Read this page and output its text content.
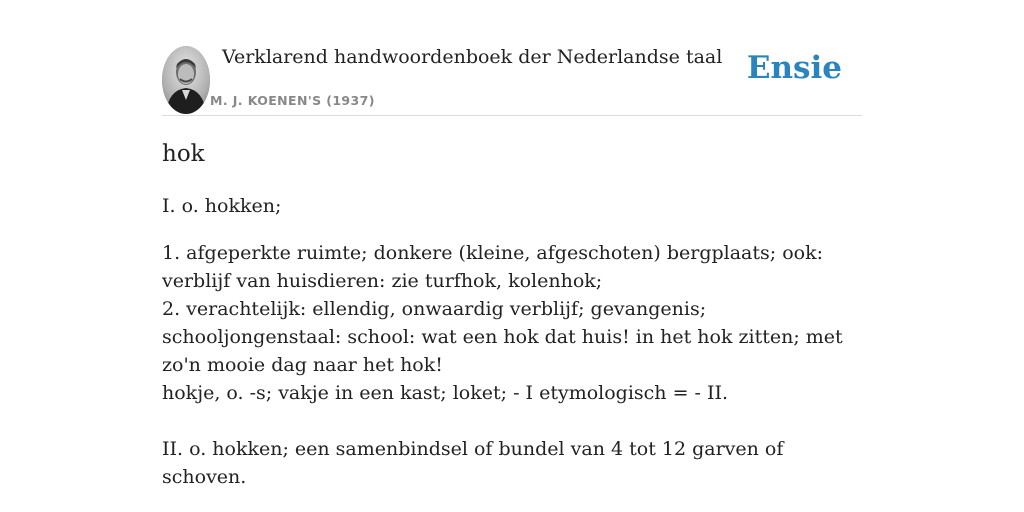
Verklarend handwoordenboek der Nederlandse taal
M. J. KOENEN'S (1937)
Ensie
hok

I. o. hokken;

1. afgeperkte ruimte; donkere (kleine, afgeschoten) bergplaats; ook: verblijf van huisdieren: zie turfhok, kolenhok;
2. verachtelijk: ellendig, onwaardig verblijf; gevangenis; schooljongenstaal: school: wat een hok dat huis! in het hok zitten; met zo'n mooie dag naar het hok!
hokje, o. -s; vakje in een kast; loket; - I etymologisch = - II.

II. o. hokken; een samenbindsel of bundel van 4 tot 12 garven of schoven.
